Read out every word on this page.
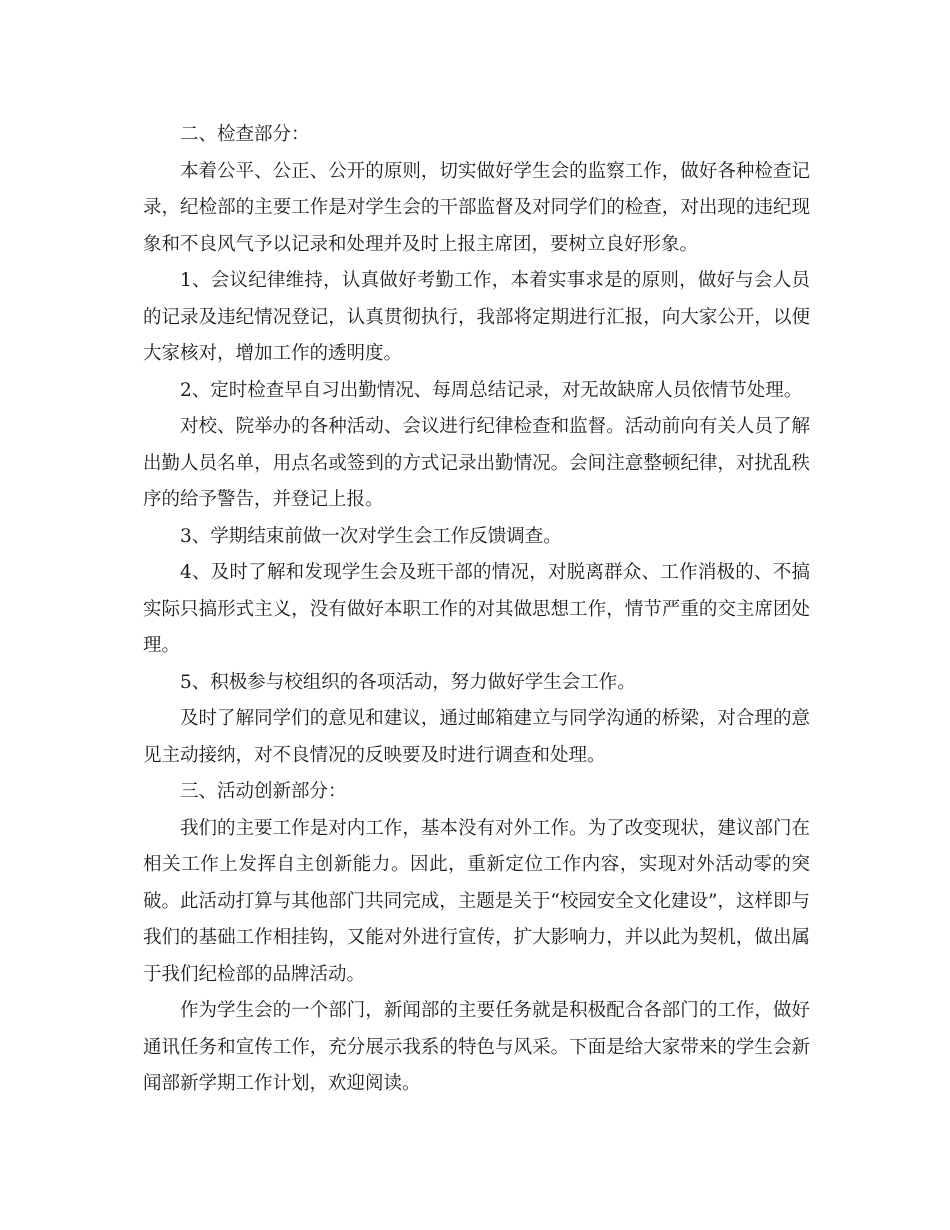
二、检查部分：

本着公平、公正、公开的原则，切实做好学生会的监察工作，做好各种检查记录，纪检部的主要工作是对学生会的干部监督及对同学们的检查，对出现的违纪现象和不良风气予以记录和处理并及时上报主席团，要树立良好形象。

1、会议纪律维持，认真做好考勤工作，本着实事求是的原则，做好与会人员的记录及违纪情况登记，认真贯彻执行，我部将定期进行汇报，向大家公开，以便大家核对，增加工作的透明度。

2、定时检查早自习出勤情况、每周总结记录，对无故缺席人员依情节处理。

对校、院举办的各种活动、会议进行纪律检查和监督。活动前向有关人员了解出勤人员名单，用点名或签到的方式记录出勤情况。会间注意整顿纪律，对扰乱秩序的给予警告，并登记上报。

3、学期结束前做一次对学生会工作反馈调查。

4、及时了解和发现学生会及班干部的情况，对脱离群众、工作消极的、不搞实际只搞形式主义，没有做好本职工作的对其做思想工作，情节严重的交主席团处理。

5、积极参与校组织的各项活动，努力做好学生会工作。

及时了解同学们的意见和建议，通过邮箱建立与同学沟通的桥梁，对合理的意见主动接纳，对不良情况的反映要及时进行调查和处理。

三、活动创新部分：

我们的主要工作是对内工作，基本没有对外工作。为了改变现状，建议部门在相关工作上发挥自主创新能力。因此，重新定位工作内容，实现对外活动零的突破。此活动打算与其他部门共同完成，主题是关于“校园安全文化建设”，这样即与我们的基础工作相挂钩，又能对外进行宣传，扩大影响力，并以此为契机，做出属于我们纪检部的品牌活动。

作为学生会的一个部门，新闻部的主要任务就是积极配合各部门的工作，做好通讯任务和宣传工作，充分展示我系的特色与风采。下面是给大家带来的学生会新闻部新学期工作计划，欢迎阅读。
